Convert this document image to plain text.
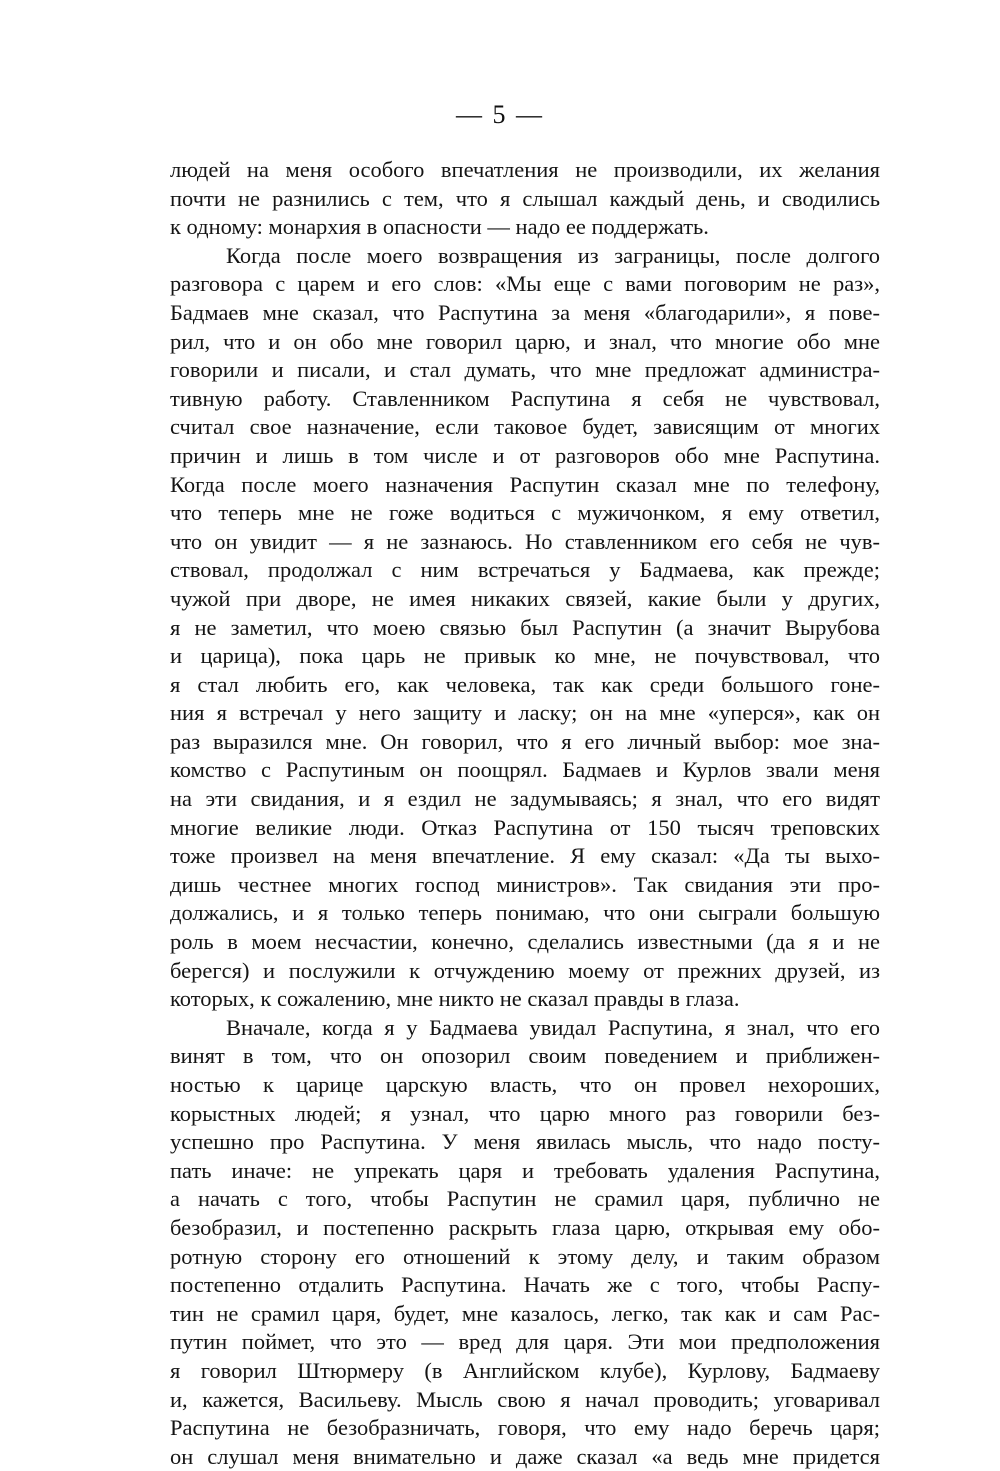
— 5 —
людей на меня особого впечатления не производили, их желания
почти не разнились с тем, что я слышал каждый день, и сводились
к одному: монархия в опасности — надо ее поддержать.
Когда после моего возвращения из заграницы, после долгого
разговора с царем и его слов: «Мы еще с вами поговорим не раз»,
Бадмаев мне сказал, что Распутина за меня «благодарили», я пове-
рил, что и он обо мне говорил царю, и знал, что многие обо мне
говорили и писали, и стал думать, что мне предложат администра-
тивную работу. Ставленником Распутина я себя не чувствовал,
считал свое назначение, если таковое будет, зависящим от многих
причин и лишь в том числе и от разговоров обо мне Распутина.
Когда после моего назначения Распутин сказал мне по телефону,
что теперь мне не гоже водиться с мужичонком, я ему ответил,
что он увидит — я не зазнаюсь. Но ставленником его себя не чув-
ствовал, продолжал с ним встречаться у Бадмаева, как прежде;
чужой при дворе, не имея никаких связей, какие были у других,
я не заметил, что моею связью был Распутин (а значит Вырубова
и царица), пока царь не привык ко мне, не почувствовал, что
я стал любить его, как человека, так как среди большого гоне-
ния я встречал у него защиту и ласку; он на мне «уперся», как он
раз выразился мне. Он говорил, что я его личный выбор: мое зна-
комство с Распутиным он поощрял. Бадмаев и Курлов звали меня
на эти свидания, и я ездил не задумываясь; я знал, что его видят
многие великие люди. Отказ Распутина от 150 тысяч треповских
тоже произвел на меня впечатление. Я ему сказал: «Да ты выхо-
дишь честнее многих господ министров». Так свидания эти про-
должались, и я только теперь понимаю, что они сыграли большую
роль в моем несчастии, конечно, сделались известными (да я и не
берегся) и послужили к отчуждению моему от прежних друзей, из
которых, к сожалению, мне никто не сказал правды в глаза.
Вначале, когда я у Бадмаева увидал Распутина, я знал, что его
винят в том, что он опозорил своим поведением и приближен-
ностью к царице царскую власть, что он провел нехороших,
корыстных людей; я узнал, что царю много раз говорили без-
успешно про Распутина. У меня явилась мысль, что надо посту-
пать иначе: не упрекать царя и требовать удаления Распутина,
а начать с того, чтобы Распутин не срамил царя, публично не
безобразил, и постепенно раскрыть глаза царю, открывая ему обо-
ротную сторону его отношений к этому делу, и таким образом
постепенно отдалить Распутина. Начать же с того, чтобы Распу-
тин не срамил царя, будет, мне казалось, легко, так как и сам Рас-
путин поймет, что это — вред для царя. Эти мои предположения
я говорил Штюрмеру (в Английском клубе), Курлову, Бадмаеву
и, кажется, Васильеву. Мысль свою я начал проводить; уговаривал
Распутина не безобразничать, говоря, что ему надо беречь царя;
он слушал меня внимательно и даже сказал «а ведь мне придется
